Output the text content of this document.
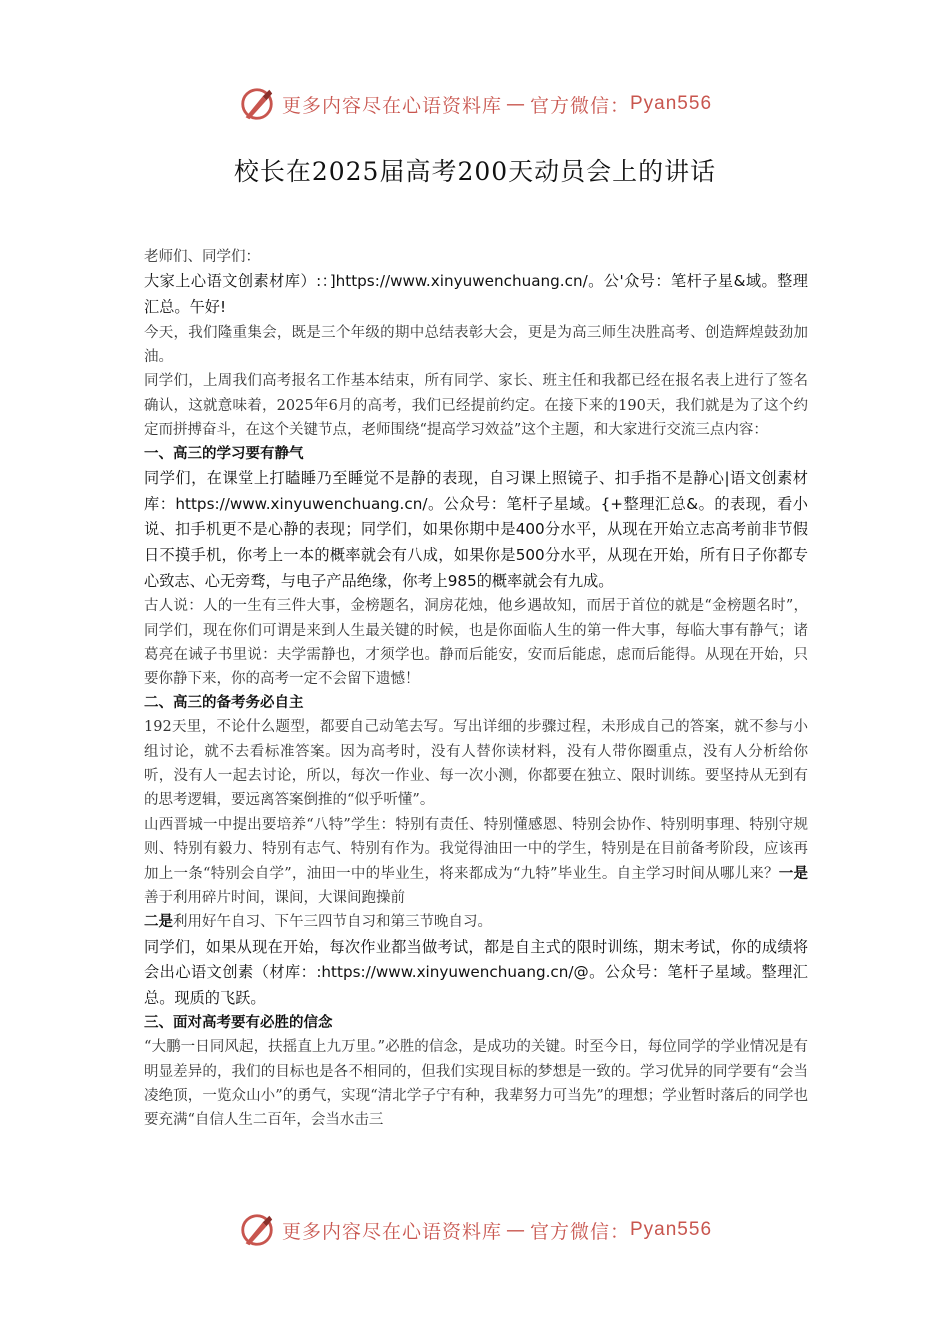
更多内容尽在心语资料库 — 官方微信： Pyan556
校长在2025届高考200天动员会上的讲话

老师们、同学们：

大家上心语文创素材库）:：]https://www.xinyuwenchuang.cn/。公'众号：笔杆子星&域。整理汇总。午好!

今天，我们隆重集会，既是三个年级的期中总结表彰大会，更是为高三师生决胜高考、创造辉煌鼓劲加油。

同学们，上周我们高考报名工作基本结束，所有同学、家长、班主任和我都已经在报名表上进行了签名确认，这就意味着，2025年6月的高考，我们已经提前约定。在接下来的190天，我们就是为了这个约定而拼搏奋斗，在这个关键节点，老师围绕“提高学习效益”这个主题，和大家进行交流三点内容：

一、高三的学习要有静气

同学们，在课堂上打瞌睡乃至睡觉不是静的表现，自习课上照镜子、扣手指不是静心|语文创素材库：https://www.xinyuwenchuang.cn/。公众号：笔杆子星域。{+整理汇总&。的表现，看小说、扣手机更不是心静的表现；同学们，如果你期中是400分水平，从现在开始立志高考前非节假日不摸手机，你考上一本的概率就会有八成，如果你是500分水平，从现在开始，所有日子你都专心致志、心无旁骛，与电子产品绝缘，你考上985的概率就会有九成。

古人说：人的一生有三件大事，金榜题名，洞房花烛，他乡遇故知，而居于首位的就是“金榜题名时”，同学们，现在你们可谓是来到人生最关键的时候，也是你面临人生的第一件大事，每临大事有静气；诸葛亮在诫子书里说：夫学需静也，才须学也。静而后能安，安而后能虑，虑而后能得。从现在开始，只要你静下来，你的高考一定不会留下遗憾！

二、高三的备考务必自主

192天里，不论什么题型，都要自己动笔去写。写出详细的步骤过程，未形成自己的答案，就不参与小组讨论，就不去看标准答案。因为高考时，没有人替你读材料，没有人带你圈重点，没有人分析给你听，没有人一起去讨论，所以，每次一作业、每一次小测，你都要在独立、限时训练。要坚持从无到有的思考逻辑，要远离答案倒推的“似乎听懂”。

山西晋城一中提出要培养“八特”学生：特别有责任、特别懂感恩、特别会协作、特别明事理、特别守规则、特别有毅力、特别有志气、特别有作为。我觉得油田一中的学生，特别是在目前备考阶段，应该再加上一条“特别会自学”，油田一中的毕业生，将来都成为“九特”毕业生。自主学习时间从哪儿来？一是善于利用碎片时间，课间，大课间跑操前
二是利用好午自习、下午三四节自习和第三节晚自习。

同学们，如果从现在开始，每次作业都当做考试，都是自主式的限时训练，期末考试，你的成绩将会出心语文创素（材库：:https://www.xinyuwenchuang.cn/@。公众号：笔杆子星域。整理汇总。现质的飞跃。

三、面对高考要有必胜的信念

“大鹏一日同风起，扶摇直上九万里。”必胜的信念，是成功的关键。时至今日，每位同学的学业情况是有明显差异的，我们的目标也是各不相同的，但我们实现目标的梦想是一致的。学习优异的同学要有“会当凌绝顶，一览众山小”的勇气，实现“清北学子宁有种，我辈努力可当先”的理想；学业暂时落后的同学也要充满“自信人生二百年，会当水击三

更多内容尽在心语资料库 — 官方微信： Pyan556
